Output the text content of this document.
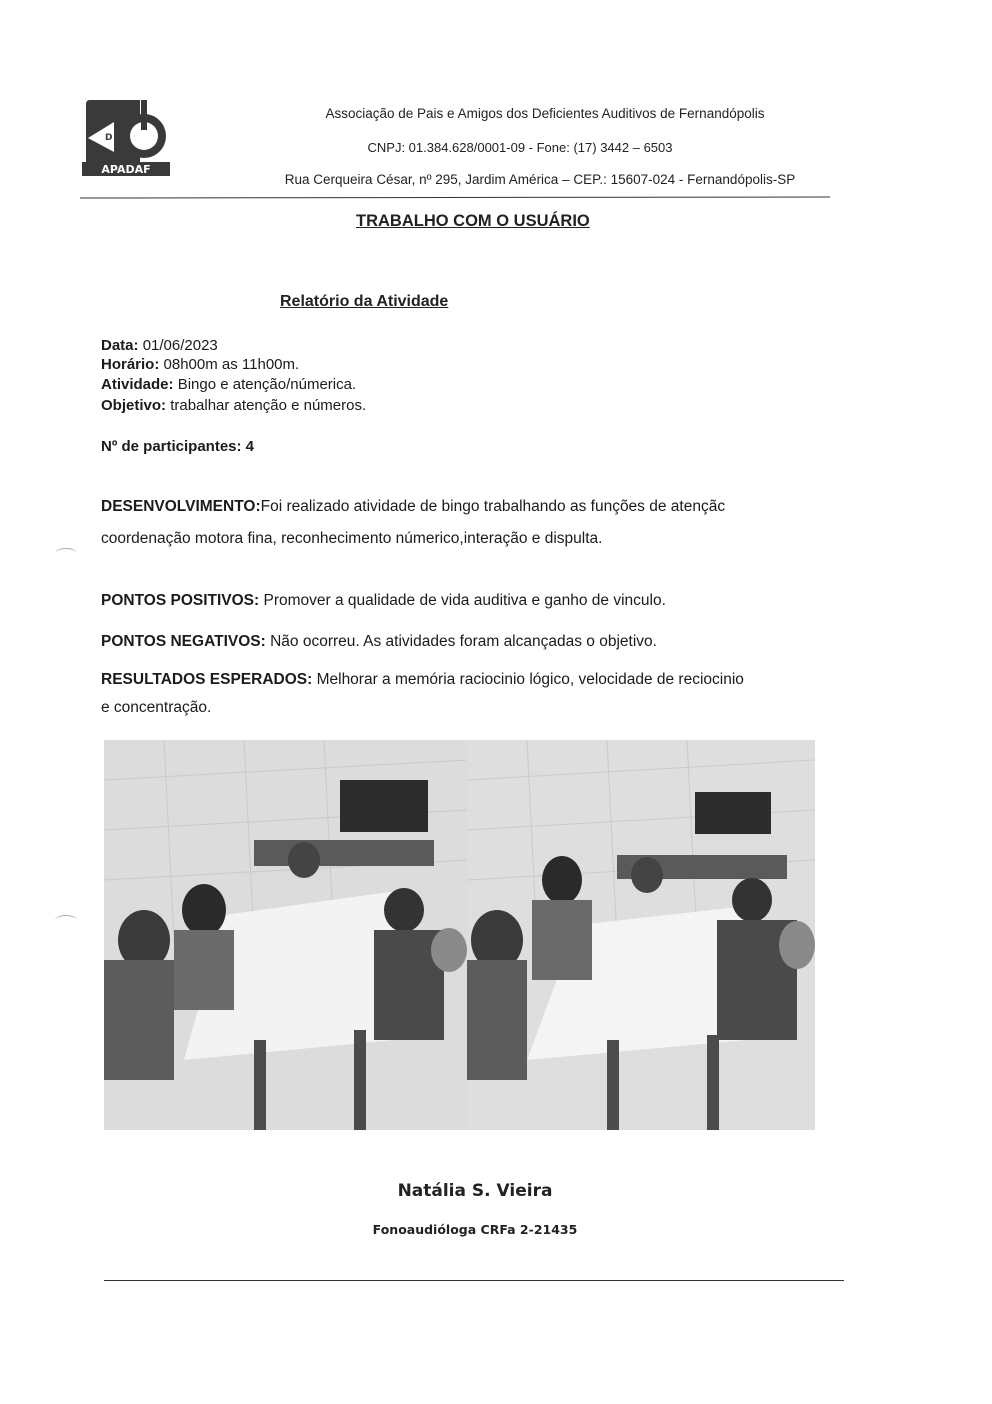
D
APADAF
Associação de Pais e Amigos dos Deficientes Auditivos de Fernandópolis
CNPJ: 01.384.628/0001-09 - Fone: (17) 3442 – 6503
Rua Cerqueira César, nº 295, Jardim América – CEP.: 15607-024 - Fernandópolis-SP
TRABALHO COM O USUÁRIO
Relatório da Atividade
Data: 01/06/2023
Horário: 08h00m as 11h00m.
Atividade: Bingo e atenção/númerica.
Objetivo: trabalhar atenção e números.
Nº de participantes: 4
DESENVOLVIMENTO:Foi realizado atividade de bingo trabalhando as funções de atençãc
coordenação motora fina, reconhecimento númerico,interação e dispulta.
PONTOS POSITIVOS: Promover a qualidade de vida auditiva e ganho de vinculo.
PONTOS NEGATIVOS: Não ocorreu. As atividades foram alcançadas o objetivo.
RESULTADOS ESPERADOS: Melhorar a memória raciocinio lógico, velocidade de reciocinio
e concentração.
Natália S. Vieira
Fonoaudióloga CRFa 2-21435
